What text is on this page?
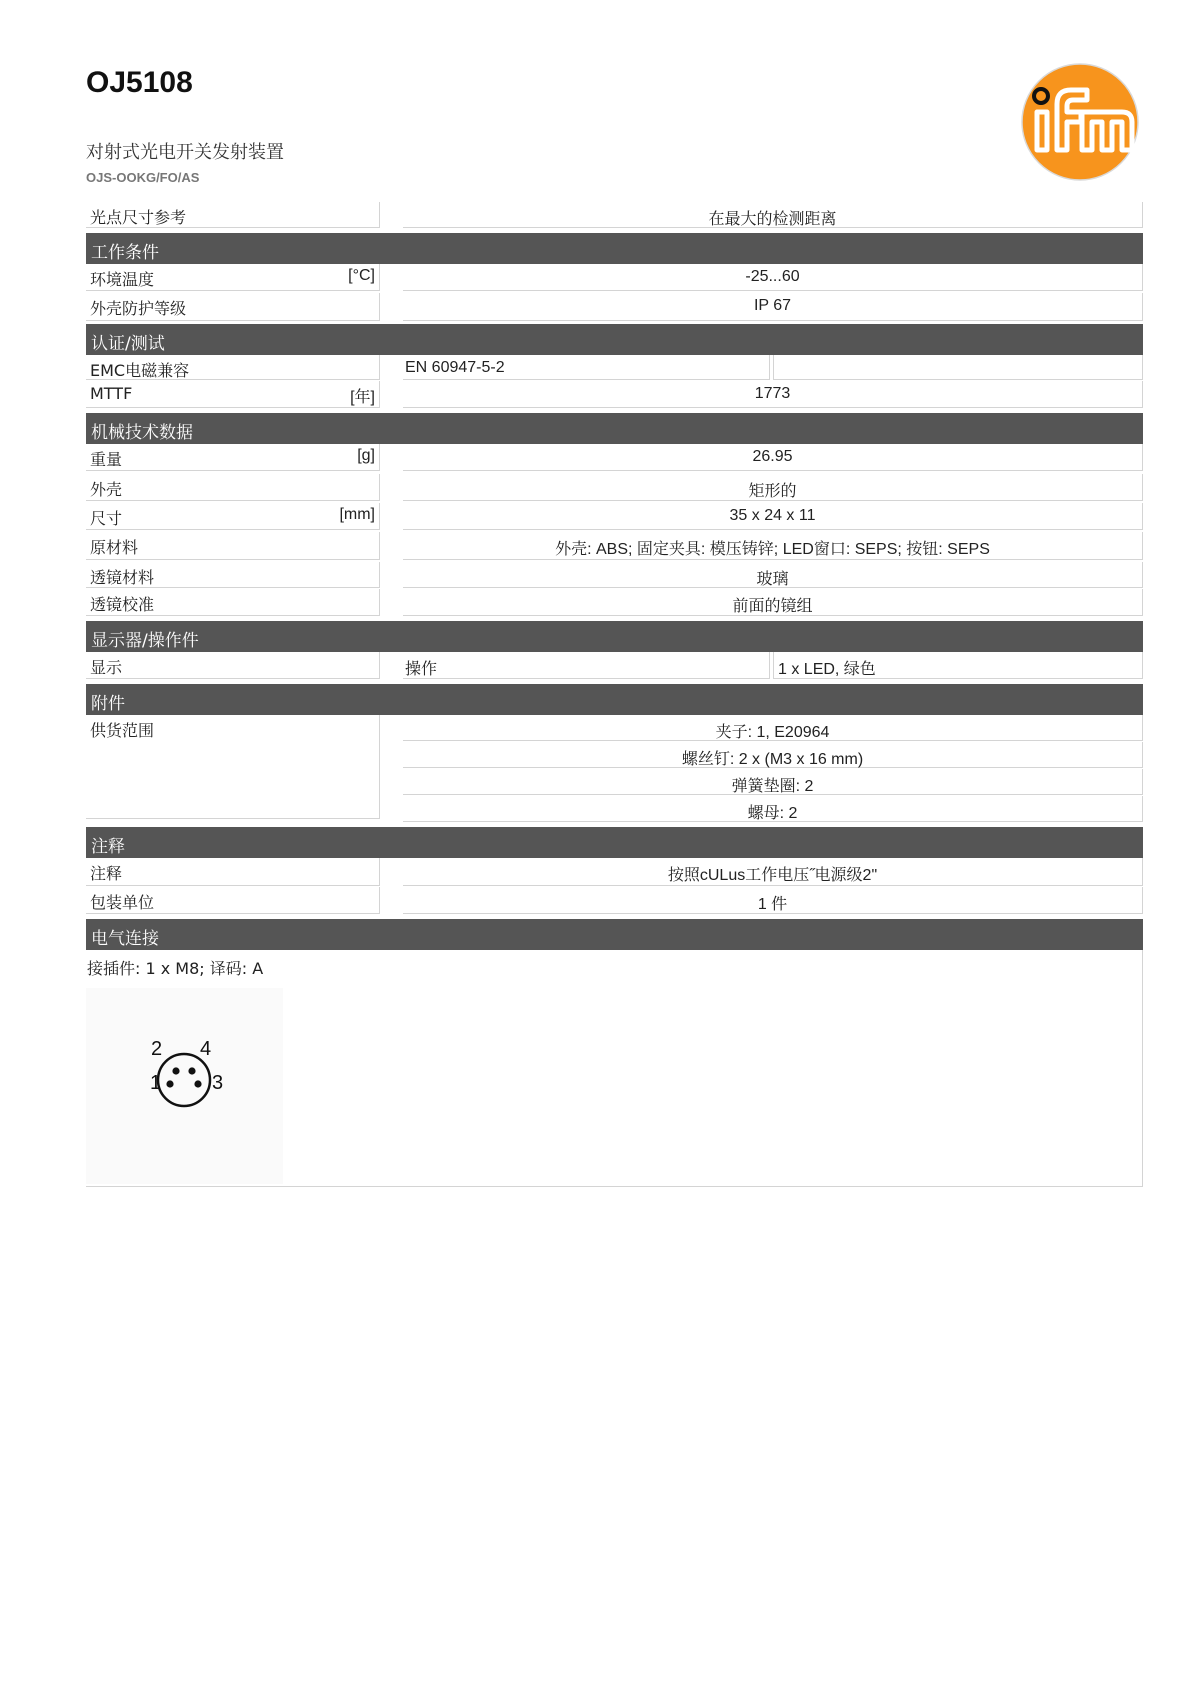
OJ5108
对射式光电开关发射装置
OJS-OOKG/FO/AS
光点尺寸参考	在最大的检测距离
工作条件
环境温度	[°C]	-25...60
外壳防护等级	IP 67
认证/测试
EMC电磁兼容	EN 60947-5-2
MTTF	[年]	1773
机械技术数据
重量	[g]	26.95
外壳	矩形的
尺寸	[mm]	35 x 24 x 11
原材料	外壳: ABS; 固定夹具: 模压铸锌; LED窗口: SEPS; 按钮: SEPS
透镜材料	玻璃
透镜校准	前面的镜组
显示器/操作件
显示	操作	1 x LED, 绿色
附件
供货范围	夹子: 1, E20964
螺丝钉: 2 x (M3 x 16 mm)
弹簧垫圈: 2
螺母: 2
注释
注释	按照cULus工作电压˝电源级2"
包装单位	1 件
电气连接
接插件: 1 x M8; 译码: A
1
2
3
4
